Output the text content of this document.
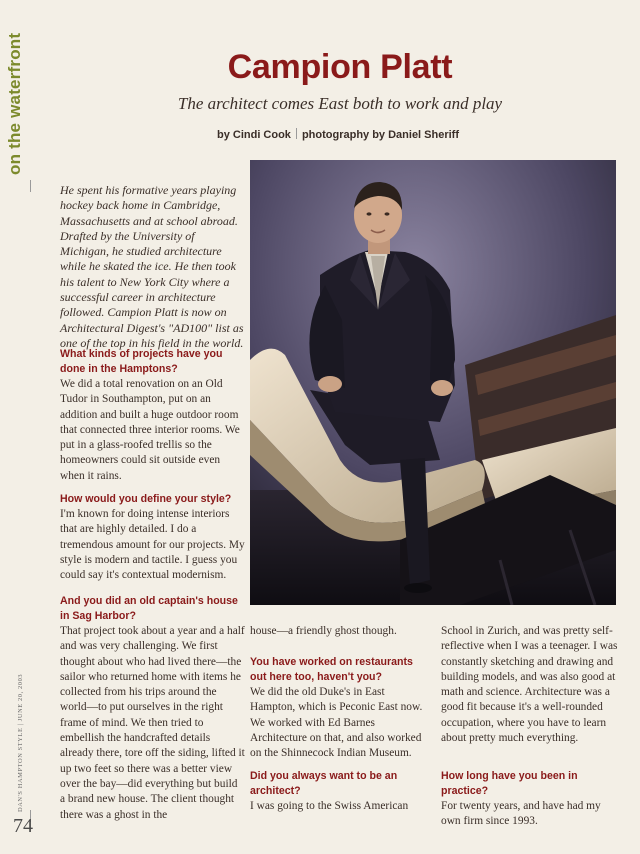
on the waterfront
DAN'S HAMPTON STYLE | JUNE 20, 2003
74
Campion Platt
The architect comes East both to work and play
by Cindi Cook photography by Daniel Sheriff
He spent his formative years playing hockey back home in Cambridge, Massachusetts and at school abroad. Drafted by the University of Michigan, he studied architecture while he skated the ice. He then took his talent to New York City where a successful career in architecture followed. Campion Platt is now on Architectural Digest's "AD100" list as one of the top in his field in the world.
What kinds of projects have you done in the Hamptons?
We did a total renovation on an Old Tudor in Southampton, put on an addition and built a huge outdoor room that connected three interior rooms. We put in a glass-roofed trellis so the homeowners could sit outside even when it rains.
How would you define your style?
I'm known for doing intense interiors that are highly detailed. I do a tremendous amount for our projects. My style is modern and tactile. I guess you could say it's contextual modernism.
And you did an old captain's house in Sag Harbor?
That project took about a year and a half and was very challenging. We first thought about who had lived there—the sailor who returned home with items he collected from his trips around the world—to put ourselves in the right frame of mind. We then tried to embellish the handcrafted details already there, tore off the siding, lifted it up two feet so there was a better view over the bay—did everything but build a brand new house. The client thought there was a ghost in the
house—a friendly ghost though.
You have worked on restaurants out here too, haven't you?
We did the old Duke's in East Hampton, which is Peconic East now. We worked with Ed Barnes Architecture on that, and also worked on the Shinnecock Indian Museum.
Did you always want to be an architect?
I was going to the Swiss American
School in Zurich, and was pretty self-reflective when I was a teenager. I was constantly sketching and drawing and building models, and was also good at math and science. Architecture was a good fit because it's a well-rounded occupation, where you have to learn about pretty much everything.
How long have you been in practice?
For twenty years, and have had my own firm since 1993.
